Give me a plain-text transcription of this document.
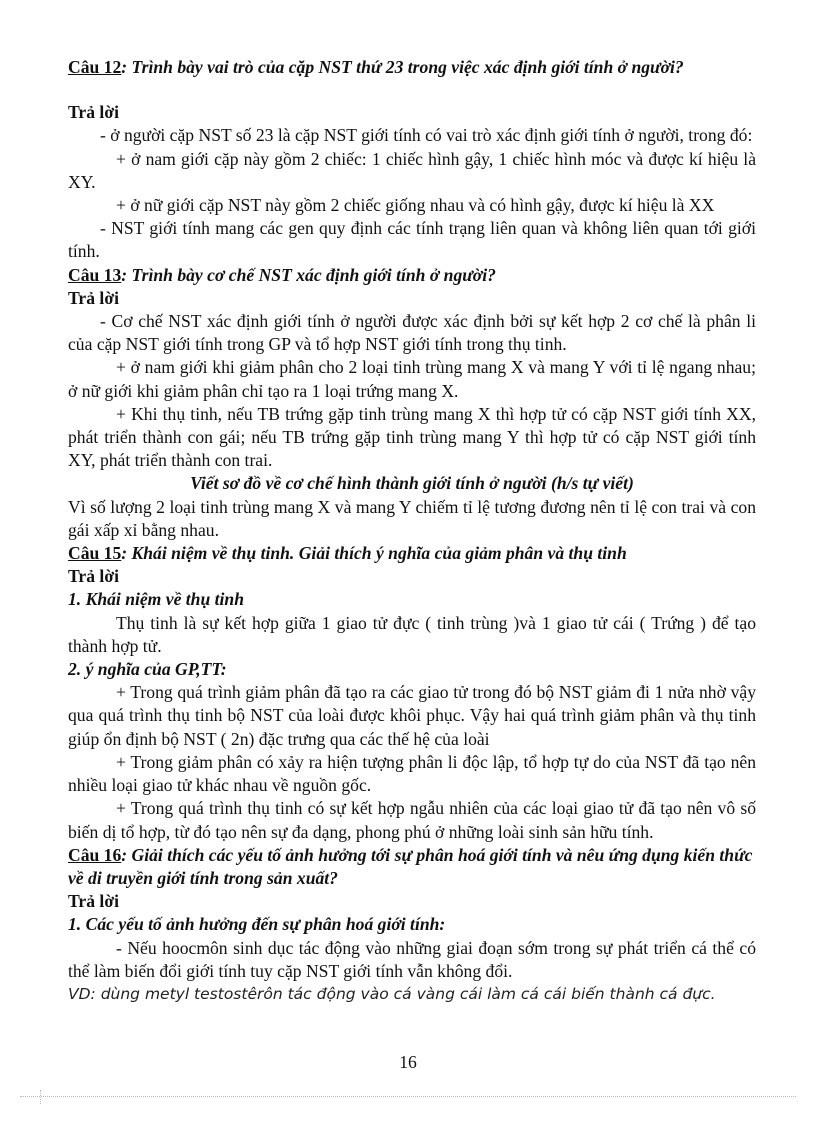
Câu 12: Trình bày vai trò của cặp NST thứ 23 trong việc xác định giới tính ở người?
Trả lời
- ở người cặp NST số 23 là cặp NST giới tính có vai trò xác định giới tính ở người, trong đó:
+ ở nam giới cặp này gồm 2 chiếc: 1 chiếc hình gậy, 1 chiếc hình móc và được kí hiệu là XY.
+ ở nữ giới cặp NST này gồm 2 chiếc giống nhau và có hình gậy, được kí hiệu là XX
- NST giới tính mang các gen quy định các tính trạng liên quan và không liên quan tới giới tính.
Câu 13: Trình bày cơ chế NST xác định giới tính ở người?
Trả lời
- Cơ chế NST xác định giới tính ở người được xác định bởi sự kết hợp 2 cơ chế là phân li của cặp NST giới tính trong GP và tổ hợp NST giới tính trong thụ tinh.
+ ở nam giới khi giảm phân cho 2 loại tinh trùng mang X và mang Y với tỉ lệ ngang nhau; ở nữ giới khi giảm phân chỉ tạo ra 1 loại trứng mang X.
+ Khi thụ tinh, nếu TB trứng gặp tinh trùng mang X thì hợp tử có cặp NST giới tính XX, phát triển thành con gái; nếu TB trứng gặp tinh trùng mang Y thì hợp tử có cặp NST giới tính XY, phát triển thành con trai.
Viết sơ đồ về cơ chế hình thành giới tính ở người (h/s tự viết)
Vì số lượng 2 loại tinh trùng mang X và mang Y chiếm tỉ lệ tương đương nên tỉ lệ con trai và con gái xấp xỉ bằng nhau.
Câu 15: Khái niệm về thụ tinh. Giải thích ý nghĩa của giảm phân và thụ tinh
Trả lời
1. Khái niệm về thụ tinh
Thụ tinh là sự kết hợp giữa 1 giao tử đực ( tinh trùng )và 1 giao tử cái ( Trứng ) để tạo thành hợp tử.
2. ý nghĩa của GP,TT:
+ Trong quá trình giảm phân đã tạo ra các giao tử trong đó bộ NST giảm đi 1 nửa nhờ vậy qua quá trình thụ tinh bộ NST của loài được khôi phục. Vậy hai quá trình giảm phân và thụ tinh giúp ổn định bộ NST ( 2n) đặc trưng qua các thế hệ của loài
+ Trong giảm phân có xảy ra hiện tượng phân li độc lập, tổ hợp tự do của NST đã tạo nên nhiều loại giao tử khác nhau về nguồn gốc.
+ Trong quá trình thụ tinh có sự kết hợp ngẫu nhiên của các loại giao tử đã tạo nên vô số biến dị tổ hợp, từ đó tạo nên sự đa dạng, phong phú ở những loài sinh sản hữu tính.
Câu 16: Giải thích các yếu tố ảnh hưởng tới sự phân hoá giới tính và nêu ứng dụng kiến thức về di truyền giới tính trong sản xuất?
Trả lời
1. Các yếu tố ảnh hưởng đến sự phân hoá giới tính:
- Nếu hoocmôn sinh dục tác động vào những giai đoạn sớm trong sự phát triển cá thể có thể làm biến đổi giới tính tuy cặp NST giới tính vẫn không đổi.
VD: dùng metyl testostêrôn tác động vào cá vàng cái làm cá cái biến thành cá đực.
16
